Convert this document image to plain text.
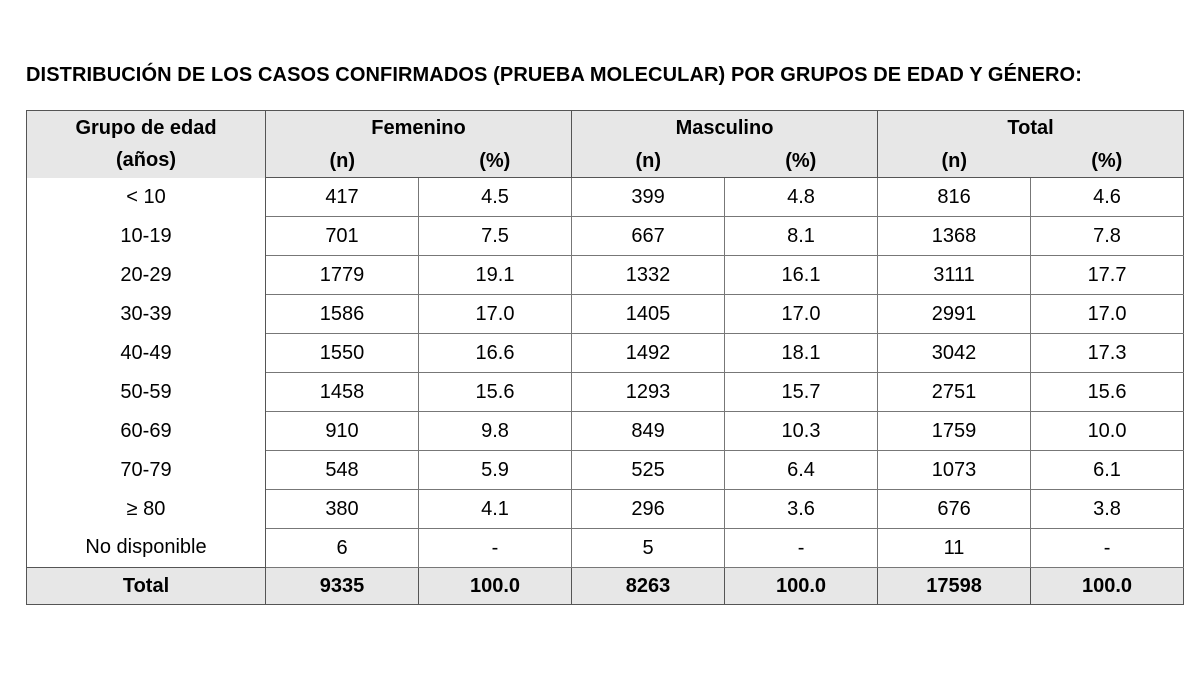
DISTRIBUCIÓN DE LOS CASOS CONFIRMADOS (PRUEBA MOLECULAR) POR GRUPOS DE EDAD Y GÉNERO:
Grupo de edad
(años)	Femenino		Masculino		Total	
	(n)	(%)	(n)	(%)	(n)	(%)
< 10	417	4.5	399	4.8	816	4.6
10-19	701	7.5	667	8.1	1368	7.8
20-29	1779	19.1	1332	16.1	3111	17.7
30-39	1586	17.0	1405	17.0	2991	17.0
40-49	1550	16.6	1492	18.1	3042	17.3
50-59	1458	15.6	1293	15.7	2751	15.6
60-69	910	9.8	849	10.3	1759	10.0
70-79	548	5.9	525	6.4	1073	6.1
≥ 80	380	4.1	296	3.6	676	3.8
No disponible	6	-	5	-	11	-
Total	9335	100.0	8263	100.0	17598	100.0
